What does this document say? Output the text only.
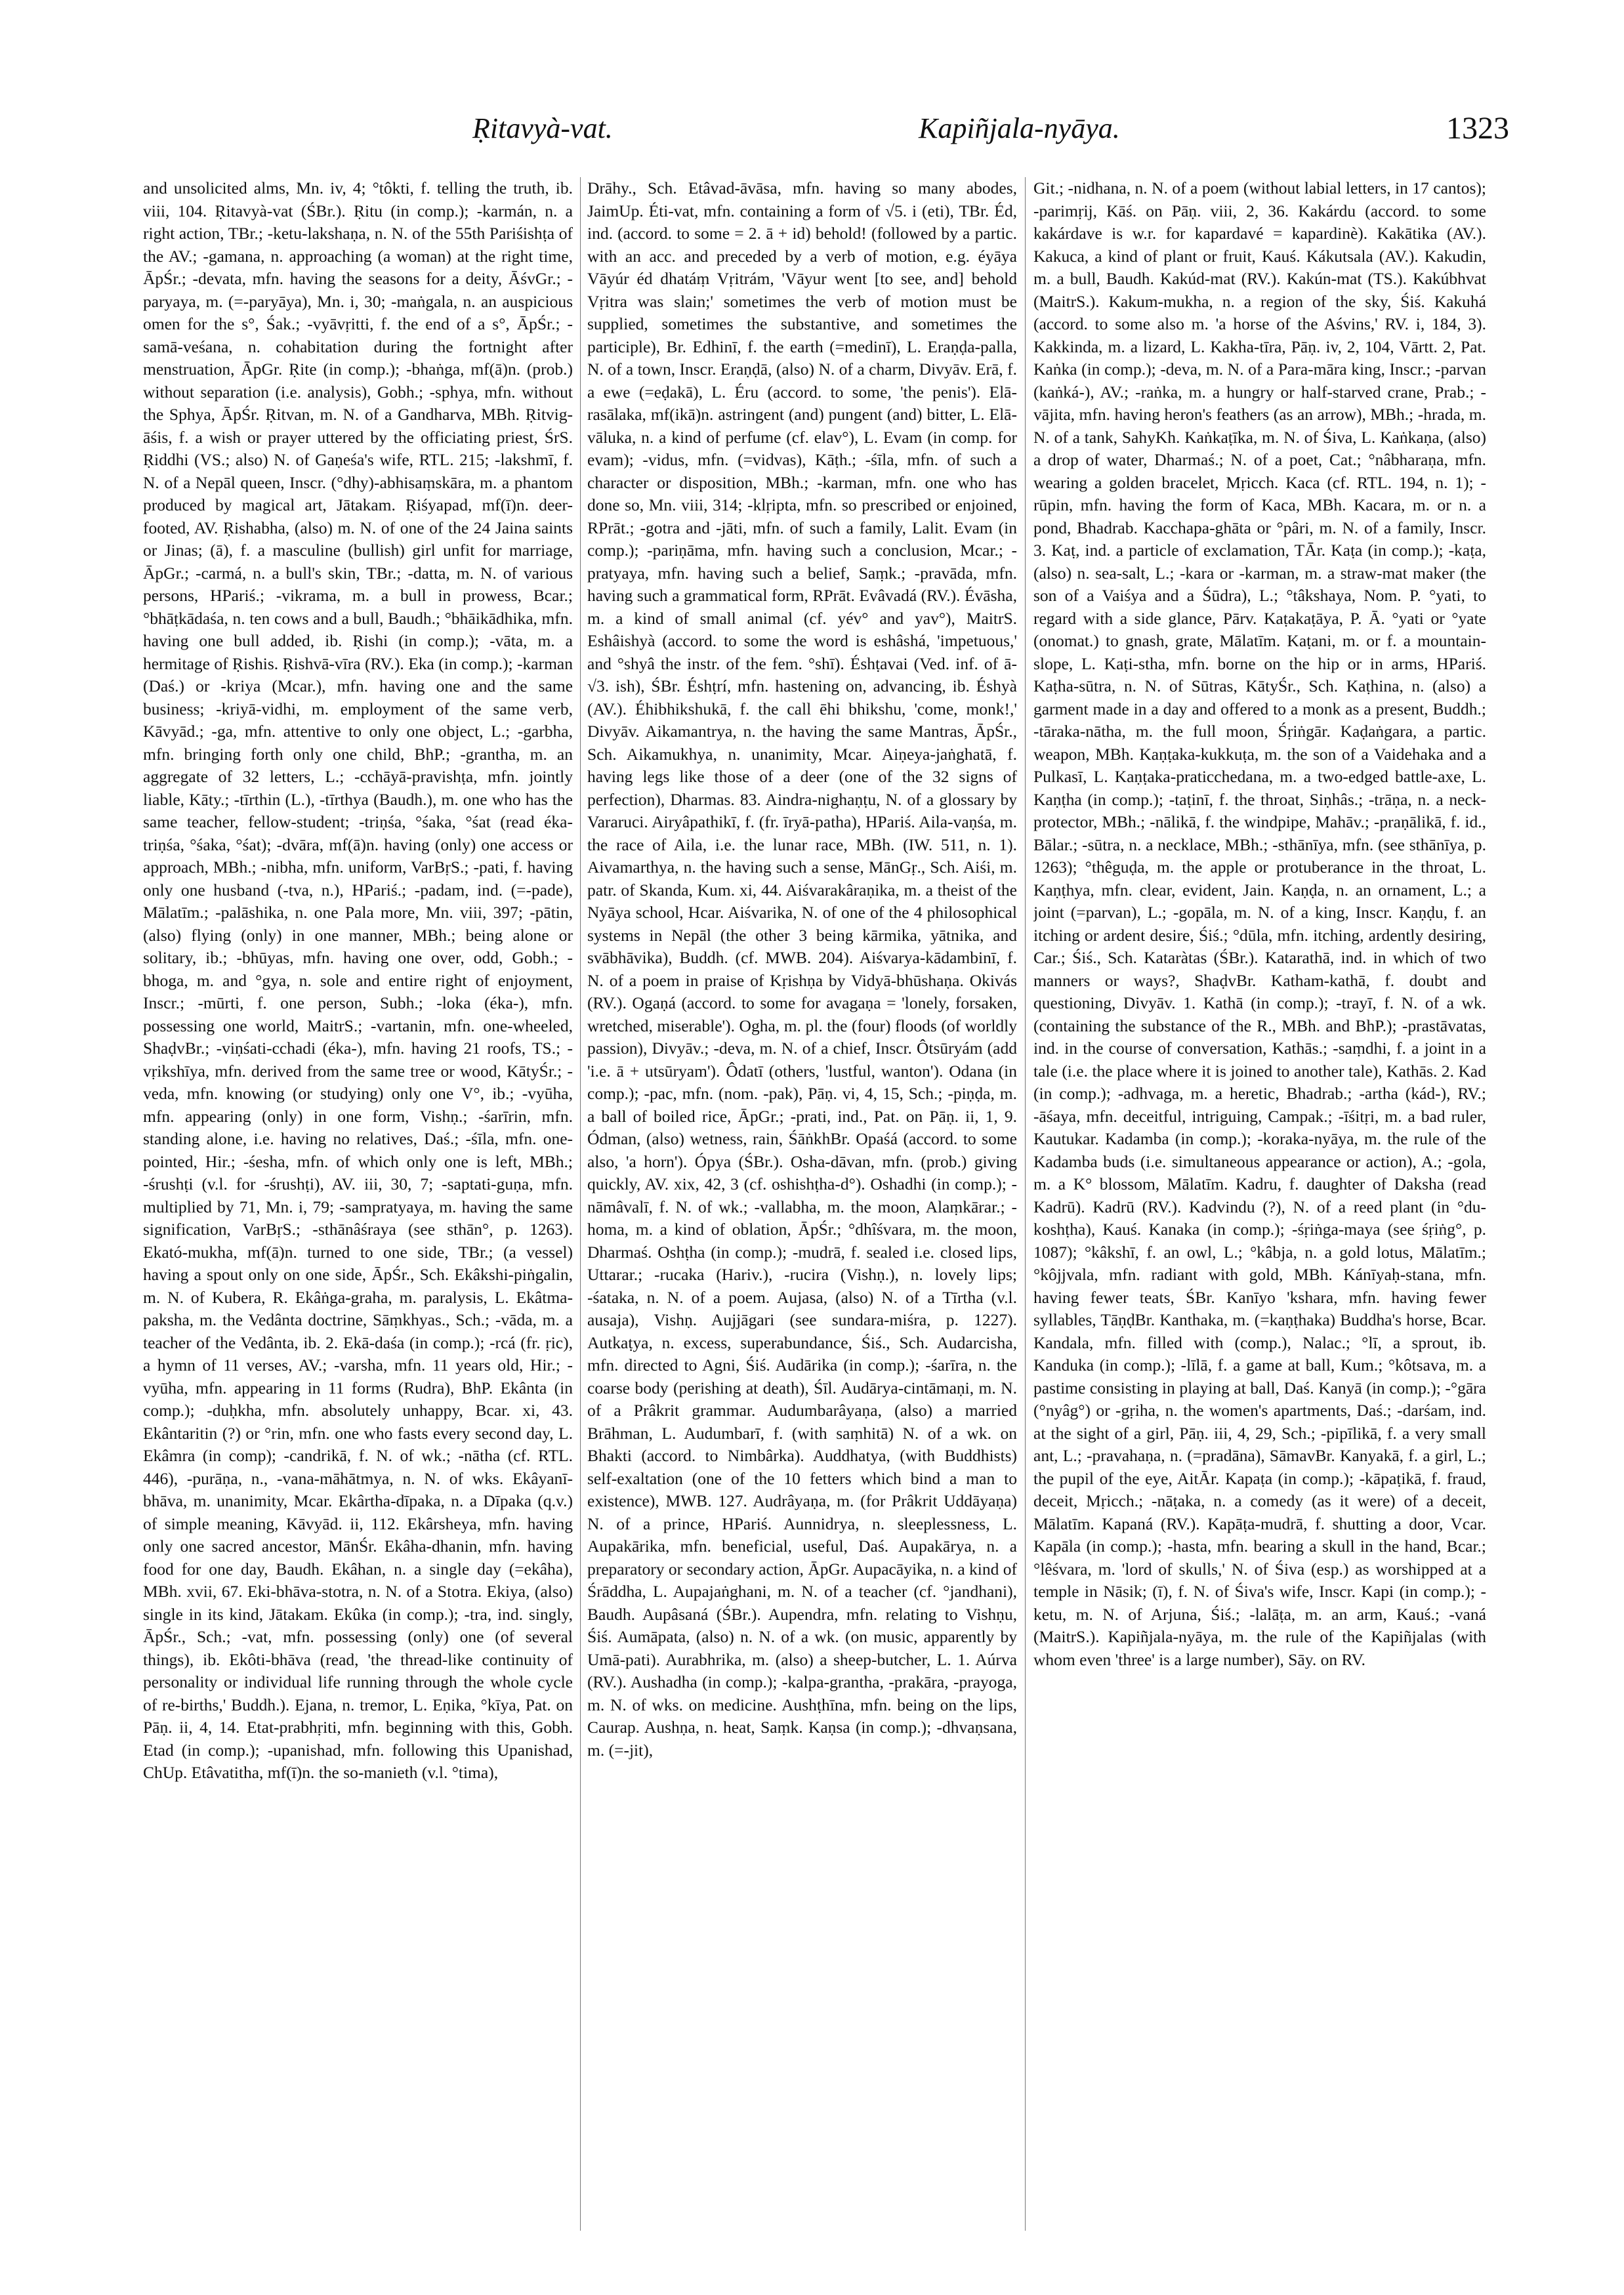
Ṛitavyà-vat.	Kapiñjala-nyāya.	1323

and unsolicited alms, Mn. iv, 4; °tôkti, f. telling the truth, ib. viii, 104. Ṛitavyà-vat (ŚBr.). Ṛitu (in comp.); -karmán, n. a right action, TBr.; -ketu-lakshaṇa, n. N. of the 55th Pariśishṭa of the AV.; -gamana, n. approaching (a woman) at the right time, ĀpŚr.; -devata, mfn. having the seasons for a deity, ĀśvGr.; -paryaya, m. (=-paryāya), Mn. i, 30; -maṅgala, n. an auspicious omen for the s°, Śak.; -vyāvṛitti, f. the end of a s°, ĀpŚr.; -samā-veśana, n. cohabitation during the fortnight after menstruation, ĀpGr. Ṛite (in comp.); -bhaṅga, mf(ā)n. (prob.) without separation (i.e. analysis), Gobh.; -sphya, mfn. without the Sphya, ĀpŚr. Ṛitvan, m. N. of a Gandharva, MBh. Ṛitvig-āśis, f. a wish or prayer uttered by the officiating priest, ŚrS. Ṛiddhi (VS.; also) N. of Gaṇeśa's wife, RTL. 215; -lakshmī, f. N. of a Nepāl queen, Inscr. (°dhy)-abhisaṃskāra, m. a phantom produced by magical art, Jātakam. Ṛiśyapad, mf(ī)n. deer-footed, AV. Ṛishabha, (also) m. N. of one of the 24 Jaina saints or Jinas; (ā), f. a masculine (bullish) girl unfit for marriage, ĀpGr.; -carmá, n. a bull's skin, TBr.; -datta, m. N. of various persons, HPariś.; -vikrama, m. a bull in prowess, Bcar.; °bhāṭkādaśa, n. ten cows and a bull, Baudh.; °bhāikādhika, mfn. having one bull added, ib. Ṛishi (in comp.); -vāta, m. a hermitage of Ṛishis. Ṛishvā-vīra (RV.). Eka (in comp.); -karman (Daś.) or -kriya (Mcar.), mfn. having one and the same business; -kriyā-vidhi, m. employment of the same verb, Kāvyād.; -ga, mfn. attentive to only one object, L.; -garbha, mfn. bringing forth only one child, BhP.; -grantha, m. an aggregate of 32 letters, L.; -cchāyā-pravishṭa, mfn. jointly liable, Kāty.; -tīrthin (L.), -tīrthya (Baudh.), m. one who has the same teacher, fellow-student; -triṇśa, °śaka, °śat (read éka-triṇśa, °śaka, °śat); -dvāra, mf(ā)n. having (only) one access or approach, MBh.; -nibha, mfn. uniform, VarBṛS.; -pati, f. having only one husband (-tva, n.), HPariś.; -padam, ind. (=-pade), Mālatīm.; -palāshika, n. one Pala more, Mn. viii, 397; -pātin, (also) flying (only) in one manner, MBh.; being alone or solitary, ib.; -bhūyas, mfn. having one over, odd, Gobh.; -bhoga, m. and °gya, n. sole and entire right of enjoyment, Inscr.; -mūrti, f. one person, Subh.; -loka (éka-), mfn. possessing one world, MaitrS.; -vartanin, mfn. one-wheeled, ShaḍvBr.; -viṇśati-cchadi (éka-), mfn. having 21 roofs, TS.; -vṛikshīya, mfn. derived from the same tree or wood, KātyŚr.; -veda, mfn. knowing (or studying) only one V°, ib.; -vyūha, mfn. appearing (only) in one form, Vishṇ.; -śarīrin, mfn. standing alone, i.e. having no relatives, Daś.; -śīla, mfn. one-pointed, Hir.; -śesha, mfn. of which only one is left, MBh.; -śrushṭi (v.l. for -śrushṭi), AV. iii, 30, 7; -saptati-guṇa, mfn. multiplied by 71, Mn. i, 79; -sampratyaya, m. having the same signification, VarBṛS.; -sthānâśraya (see sthān°, p. 1263). Ekató-mukha, mf(ā)n. turned to one side, TBr.; (a vessel) having a spout only on one side, ĀpŚr., Sch. Ekâkshi-piṅgalin, m. N. of Kubera, R. Ekâṅga-graha, m. paralysis, L. Ekâtma-paksha, m. the Vedânta doctrine, Sāṃkhyas., Sch.; -vāda, m. a teacher of the Vedânta, ib. 2. Ekā-daśa (in comp.); -rcá (fr. ṛic), a hymn of 11 verses, AV.; -varsha, mfn. 11 years old, Hir.; -vyūha, mfn. appearing in 11 forms (Rudra), BhP. Ekânta (in comp.); -duḥkha, mfn. absolutely unhappy, Bcar. xi, 43. Ekântaritin (?) or °rin, mfn. one who fasts every second day, L. Ekâmra (in comp); -candrikā, f. N. of wk.; -nātha (cf. RTL. 446), -purāṇa, n., -vana-māhātmya, n. N. of wks. Ekâyanī-bhāva, m. unanimity, Mcar. Ekârtha-dīpaka, n. a Dīpaka (q.v.) of simple meaning, Kāvyād. ii, 112. Ekârsheya, mfn. having only one sacred ancestor, MānŚr. Ekâha-dhanin, mfn. having food for one day, Baudh. Ekâhan, n. a single day (=ekâha), MBh. xvii, 67. Eki-bhāva-stotra, n. N. of a Stotra. Ekiya, (also) single in its kind, Jātakam. Ekûka (in comp.); -tra, ind. singly, ĀpŚr., Sch.; -vat, mfn. possessing (only) one (of several things), ib. Ekôti-bhāva (read, 'the thread-like continuity of personality or individual life running through the whole cycle of re-births,' Buddh.). Ejana, n. tremor, L. Eṇika, °kīya, Pat. on Pāṇ. ii, 4, 14. Etat-prabhṛiti, mfn. beginning with this, Gobh. Etad (in comp.); -upanishad, mfn. following this Upanishad, ChUp. Etâvatitha, mf(ī)n. the so-manieth (v.l. °tima),

Drāhy., Sch. Etâvad-āvāsa, mfn. having so many abodes, JaimUp. Éti-vat, mfn. containing a form of √5. i (eti), TBr. Éd, ind. (accord. to some = 2. ā + id) behold! (followed by a partic. with an acc. and preceded by a verb of motion, e.g. éyāya Vāyúr éd dhatáṃ Vṛitrám, 'Vāyur went [to see, and] behold Vṛitra was slain;' sometimes the verb of motion must be supplied, sometimes the substantive, and sometimes the participle), Br. Edhinī, f. the earth (=medinī), L. Eraṇḍa-palla, N. of a town, Inscr. Eraṇḍā, (also) N. of a charm, Divyāv. Erā, f. a ewe (=eḍakā), L. Éru (accord. to some, 'the penis'). Elā-rasālaka, mf(ikā)n. astringent (and) pungent (and) bitter, L. Elā-vāluka, n. a kind of perfume (cf. elav°), L. Evam (in comp. for evam); -vidus, mfn. (=vidvas), Kāṭh.; -śīla, mfn. of such a character or disposition, MBh.; -karman, mfn. one who has done so, Mn. viii, 314; -klṛipta, mfn. so prescribed or enjoined, RPrāt.; -gotra and -jāti, mfn. of such a family, Lalit. Evam (in comp.); -pariṇāma, mfn. having such a conclusion, Mcar.; -pratyaya, mfn. having such a belief, Saṃk.; -pravāda, mfn. having such a grammatical form, RPrāt. Evâvadá (RV.). Évāsha, m. a kind of small animal (cf. yév° and yav°), MaitrS. Eshâishyà (accord. to some the word is eshâshá, 'impetuous,' and °shyâ the instr. of the fem. °shī). Éshṭavai (Ved. inf. of ā-√3. ish), ŚBr. Éshṭrí, mfn. hastening on, advancing, ib. Éshyà (AV.). Éhibhikshukā, f. the call ēhi bhikshu, 'come, monk!,' Divyāv. Aikamantrya, n. the having the same Mantras, ĀpŚr., Sch. Aikamukhya, n. unanimity, Mcar. Aiṇeya-jaṅghatā, f. having legs like those of a deer (one of the 32 signs of perfection), Dharmas. 83. Aindra-nighaṇṭu, N. of a glossary by Vararuci. Airyâpathikī, f. (fr. īryā-patha), HPariś. Aila-vaṇśa, m. the race of Aila, i.e. the lunar race, MBh. (IW. 511, n. 1). Aivamarthya, n. the having such a sense, MānGṛ., Sch. Aiśi, m. patr. of Skanda, Kum. xi, 44. Aiśvarakâraṇika, m. a theist of the Nyāya school, Hcar. Aiśvarika, N. of one of the 4 philosophical systems in Nepāl (the other 3 being kārmika, yātnika, and svābhāvika), Buddh. (cf. MWB. 204). Aiśvarya-kādambinī, f. N. of a poem in praise of Kṛishṇa by Vidyā-bhūshaṇa. Okivás (RV.). Ogaṇá (accord. to some for avagaṇa = 'lonely, forsaken, wretched, miserable'). Ogha, m. pl. the (four) floods (of worldly passion), Divyāv.; -deva, m. N. of a chief, Inscr. Ôtsūryám (add 'i.e. ā + utsūryam'). Ôdatī (others, 'lustful, wanton'). Odana (in comp.); -pac, mfn. (nom. -pak), Pāṇ. vi, 4, 15, Sch.; -piṇḍa, m. a ball of boiled rice, ĀpGr.; -prati, ind., Pat. on Pāṇ. ii, 1, 9. Ódman, (also) wetness, rain, ŚāṅkhBr. Opaśá (accord. to some also, 'a horn'). Ópya (ŚBr.). Osha-dāvan, mfn. (prob.) giving quickly, AV. xix, 42, 3 (cf. oshishṭha-d°). Oshadhi (in comp.); -nāmâvalī, f. N. of wk.; -vallabha, m. the moon, Alaṃkārar.; -homa, m. a kind of oblation, ĀpŚr.; °dhîśvara, m. the moon, Dharmaś. Oshṭha (in comp.); -mudrā, f. sealed i.e. closed lips, Uttarar.; -rucaka (Hariv.), -rucira (Vishṇ.), n. lovely lips; -śataka, n. N. of a poem. Aujasa, (also) N. of a Tīrtha (v.l. ausaja), Vishṇ. Aujjāgari (see sundara-miśra, p. 1227). Autkaṭya, n. excess, superabundance, Śiś., Sch. Audarcisha, mfn. directed to Agni, Śiś. Audārika (in comp.); -śarīra, n. the coarse body (perishing at death), Śīl. Audārya-cintāmaṇi, m. N. of a Prâkrit grammar. Audumbarâyaṇa, (also) a married Brāhman, L. Audumbarī, f. (with saṃhitā) N. of a wk. on Bhakti (accord. to Nimbârka). Auddhatya, (with Buddhists) self-exaltation (one of the 10 fetters which bind a man to existence), MWB. 127. Audrâyaṇa, m. (for Prâkrit Uddāyaṇa) N. of a prince, HPariś. Aunnidrya, n. sleeplessness, L. Aupakārika, mfn. beneficial, useful, Daś. Aupakārya, n. a preparatory or secondary action, ĀpGr. Aupacāyika, n. a kind of Śrāddha, L. Aupajaṅghani, m. N. of a teacher (cf. °jandhani), Baudh. Aupâsaná (ŚBr.). Aupendra, mfn. relating to Vishṇu, Śiś. Aumāpata, (also) n. N. of a wk. (on music, apparently by Umā-pati). Aurabhrika, m. (also) a sheep-butcher, L. 1. Aúrva (RV.). Aushadha (in comp.); -kalpa-grantha, -prakāra, -prayoga, m. N. of wks. on medicine. Aushṭhīna, mfn. being on the lips, Caurap. Aushṇa, n. heat, Saṃk. Kaṇsa (in comp.); -dhvaṇsana, m. (=-jit),

Git.; -nidhana, n. N. of a poem (without labial letters, in 17 cantos); -parimṛij, Kāś. on Pāṇ. viii, 2, 36. Kakárdu (accord. to some kakárdave is w.r. for kapardavé = kapardinè). Kakātika (AV.). Kakuca, a kind of plant or fruit, Kauś. Kákutsala (AV.). Kakudin, m. a bull, Baudh. Kakúd-mat (RV.). Kakún-mat (TS.). Kakúbhvat (MaitrS.). Kakum-mukha, n. a region of the sky, Śiś. Kakuhá (accord. to some also m. 'a horse of the Aśvins,' RV. i, 184, 3). Kakkinda, m. a lizard, L. Kakha-tīra, Pāṇ. iv, 2, 104, Vārtt. 2, Pat. Kaṅka (in comp.); -deva, m. N. of a Para-māra king, Inscr.; -parvan (kaṅká-), AV.; -raṅka, m. a hungry or half-starved crane, Prab.; -vājita, mfn. having heron's feathers (as an arrow), MBh.; -hrada, m. N. of a tank, SahyKh. Kaṅkaṭīka, m. N. of Śiva, L. Kaṅkaṇa, (also) a drop of water, Dharmaś.; N. of a poet, Cat.; °nâbharaṇa, mfn. wearing a golden bracelet, Mṛicch. Kaca (cf. RTL. 194, n. 1); -rūpin, mfn. having the form of Kaca, MBh. Kacara, m. or n. a pond, Bhadrab. Kacchapa-ghāta or °pâri, m. N. of a family, Inscr. 3. Kaṭ, ind. a particle of exclamation, TĀr. Kaṭa (in comp.); -kaṭa, (also) n. sea-salt, L.; -kara or -karman, m. a straw-mat maker (the son of a Vaiśya and a Śūdra), L.; °tâkshaya, Nom. P. °yati, to regard with a side glance, Pārv. Kaṭakaṭāya, P. Ā. °yati or °yate (onomat.) to gnash, grate, Mālatīm. Kaṭani, m. or f. a mountain-slope, L. Kaṭi-stha, mfn. borne on the hip or in arms, HPariś. Kaṭha-sūtra, n. N. of Sūtras, KātyŚr., Sch. Kaṭhina, n. (also) a garment made in a day and offered to a monk as a present, Buddh.; -tāraka-nātha, m. the full moon, Śṛiṅgār. Kaḍaṅgara, a partic. weapon, MBh. Kaṇṭaka-kukkuṭa, m. the son of a Vaidehaka and a Pulkasī, L. Kaṇṭaka-praticchedana, m. a two-edged battle-axe, L. Kaṇṭha (in comp.); -taṭinī, f. the throat, Siṇhâs.; -trāṇa, n. a neck-protector, MBh.; -nālikā, f. the windpipe, Mahāv.; -praṇālikā, f. id., Bālar.; -sūtra, n. a necklace, MBh.; -sthānīya, mfn. (see sthānīya, p. 1263); °thêguḍa, m. the apple or protuberance in the throat, L. Kaṇṭhya, mfn. clear, evident, Jain. Kaṇḍa, n. an ornament, L.; a joint (=parvan), L.; -gopāla, m. N. of a king, Inscr. Kaṇḍu, f. an itching or ardent desire, Śiś.; °dūla, mfn. itching, ardently desiring, Car.; Śiś., Sch. Kataràtas (ŚBr.). Katarathā, ind. in which of two manners or ways?, ShaḍvBr. Katham-kathā, f. doubt and questioning, Divyāv. 1. Kathā (in comp.); -trayī, f. N. of a wk. (containing the substance of the R., MBh. and BhP.); -prastāvatas, ind. in the course of conversation, Kathās.; -saṃdhi, f. a joint in a tale (i.e. the place where it is joined to another tale), Kathās. 2. Kad (in comp.); -adhvaga, m. a heretic, Bhadrab.; -artha (kád-), RV.; -āśaya, mfn. deceitful, intriguing, Campak.; -īśitṛi, m. a bad ruler, Kautukar. Kadamba (in comp.); -koraka-nyāya, m. the rule of the Kadamba buds (i.e. simultaneous appearance or action), A.; -gola, m. a K° blossom, Mālatīm. Kadru, f. daughter of Daksha (read Kadrū). Kadrū (RV.). Kadvindu (?), N. of a reed plant (in °du-koshṭha), Kauś. Kanaka (in comp.); -śṛiṅga-maya (see śṛiṅg°, p. 1087); °kâkshī, f. an owl, L.; °kâbja, n. a gold lotus, Mālatīm.; °kôjjvala, mfn. radiant with gold, MBh. Kánīyaḥ-stana, mfn. having fewer teats, ŚBr. Kanīyo 'kshara, mfn. having fewer syllables, TāṇḍBr. Kanthaka, m. (=kaṇṭhaka) Buddha's horse, Bcar. Kandala, mfn. filled with (comp.), Nalac.; °lī, a sprout, ib. Kanduka (in comp.); -līlā, f. a game at ball, Kum.; °kôtsava, m. a pastime consisting in playing at ball, Daś. Kanyā (in comp.); -°gāra (°nyâg°) or -gṛiha, n. the women's apartments, Daś.; -darśam, ind. at the sight of a girl, Pāṇ. iii, 4, 29, Sch.; -pipīlikā, f. a very small ant, L.; -pravahaṇa, n. (=pradāna), SāmavBr. Kanyakā, f. a girl, L.; the pupil of the eye, AitĀr. Kapaṭa (in comp.); -kāpaṭikā, f. fraud, deceit, Mṛicch.; -nāṭaka, n. a comedy (as it were) of a deceit, Mālatīm. Kapaná (RV.). Kapāṭa-mudrā, f. shutting a door, Vcar. Kapāla (in comp.); -hasta, mfn. bearing a skull in the hand, Bcar.; °lêśvara, m. 'lord of skulls,' N. of Śiva (esp.) as worshipped at a temple in Nāsik; (ī), f. N. of Śiva's wife, Inscr. Kapi (in comp.); -ketu, m. N. of Arjuna, Śiś.; -lalāṭa, m. an arm, Kauś.; -vaná (MaitrS.). Kapiñjala-nyāya, m. the rule of the Kapiñjalas (with whom even 'three' is a large number), Sāy. on RV.
